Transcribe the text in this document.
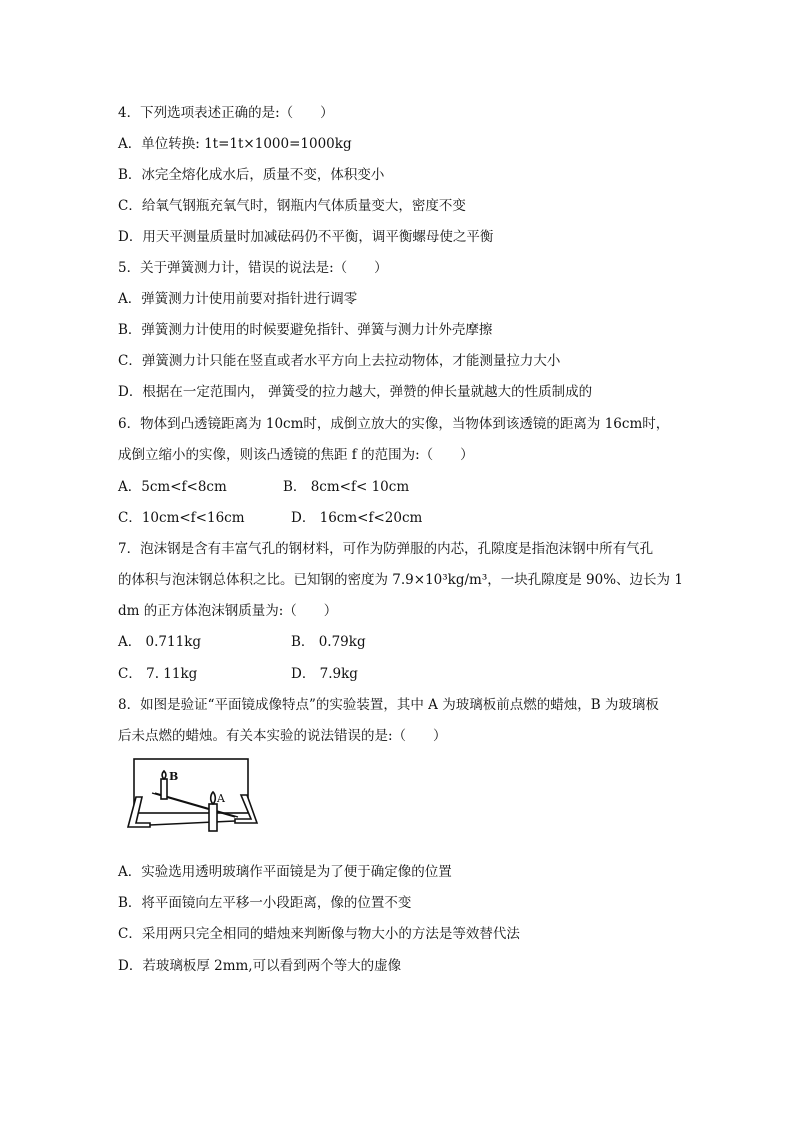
4．下列选项表述正确的是:（　　）
A．单位转换: 1t=1t×1000=1000kg
B．冰完全熔化成水后，质量不变，体积变小
C．给氧气钢瓶充氧气时，钢瓶内气体质量变大，密度不变
D．用天平测量质量时加减砝码仍不平衡，调平衡螺母使之平衡
5．关于弹簧测力计，错误的说法是:（　　）
A．弹簧测力计使用前要对指针进行调零
B．弹簧测力计使用的时候要避免指针、弹簧与测力计外壳摩擦
C．弹簧测力计只能在竖直或者水平方向上去拉动物体，才能测量拉力大小
D．根据在一定范围内， 弹簧受的拉力越大，弹赞的伸长量就越大的性质制成的
6．物体到凸透镜距离为 10cm时，成倒立放大的实像，当物体到该透镜的距离为 16cm时，
成倒立缩小的实像，则该凸透镜的焦距 f 的范围为:（　　）
A．5cm<f<8cm	B． 8cm<f< 10cm
C．10cm<f<16cm	D． 16cm<f<20cm
7．泡沫钢是含有丰富气孔的钢材料，可作为防弹服的内芯，孔隙度是指泡沫钢中所有气孔
的体积与泡沫钢总体积之比。已知钢的密度为 7.9×10³kg/m³，一块孔隙度是 90%、边长为 1
dm 的正方体泡沫钢质量为:（　　）
A． 0.711kg	B． 0.79kg
C． 7. 11kg	D． 7.9kg
8．如图是验证“平面镜成像特点”的实验装置，其中 A 为玻璃板前点燃的蜡烛，B 为玻璃板
后未点燃的蜡烛。有关本实验的说法错误的是:（　　）
B
A
A．实验选用透明玻璃作平面镜是为了便于确定像的位置
B．将平面镜向左平移一小段距离，像的位置不变
C．采用两只完全相同的蜡烛来判断像与物大小的方法是等效替代法
D．若玻璃板厚 2mm,可以看到两个等大的虚像
